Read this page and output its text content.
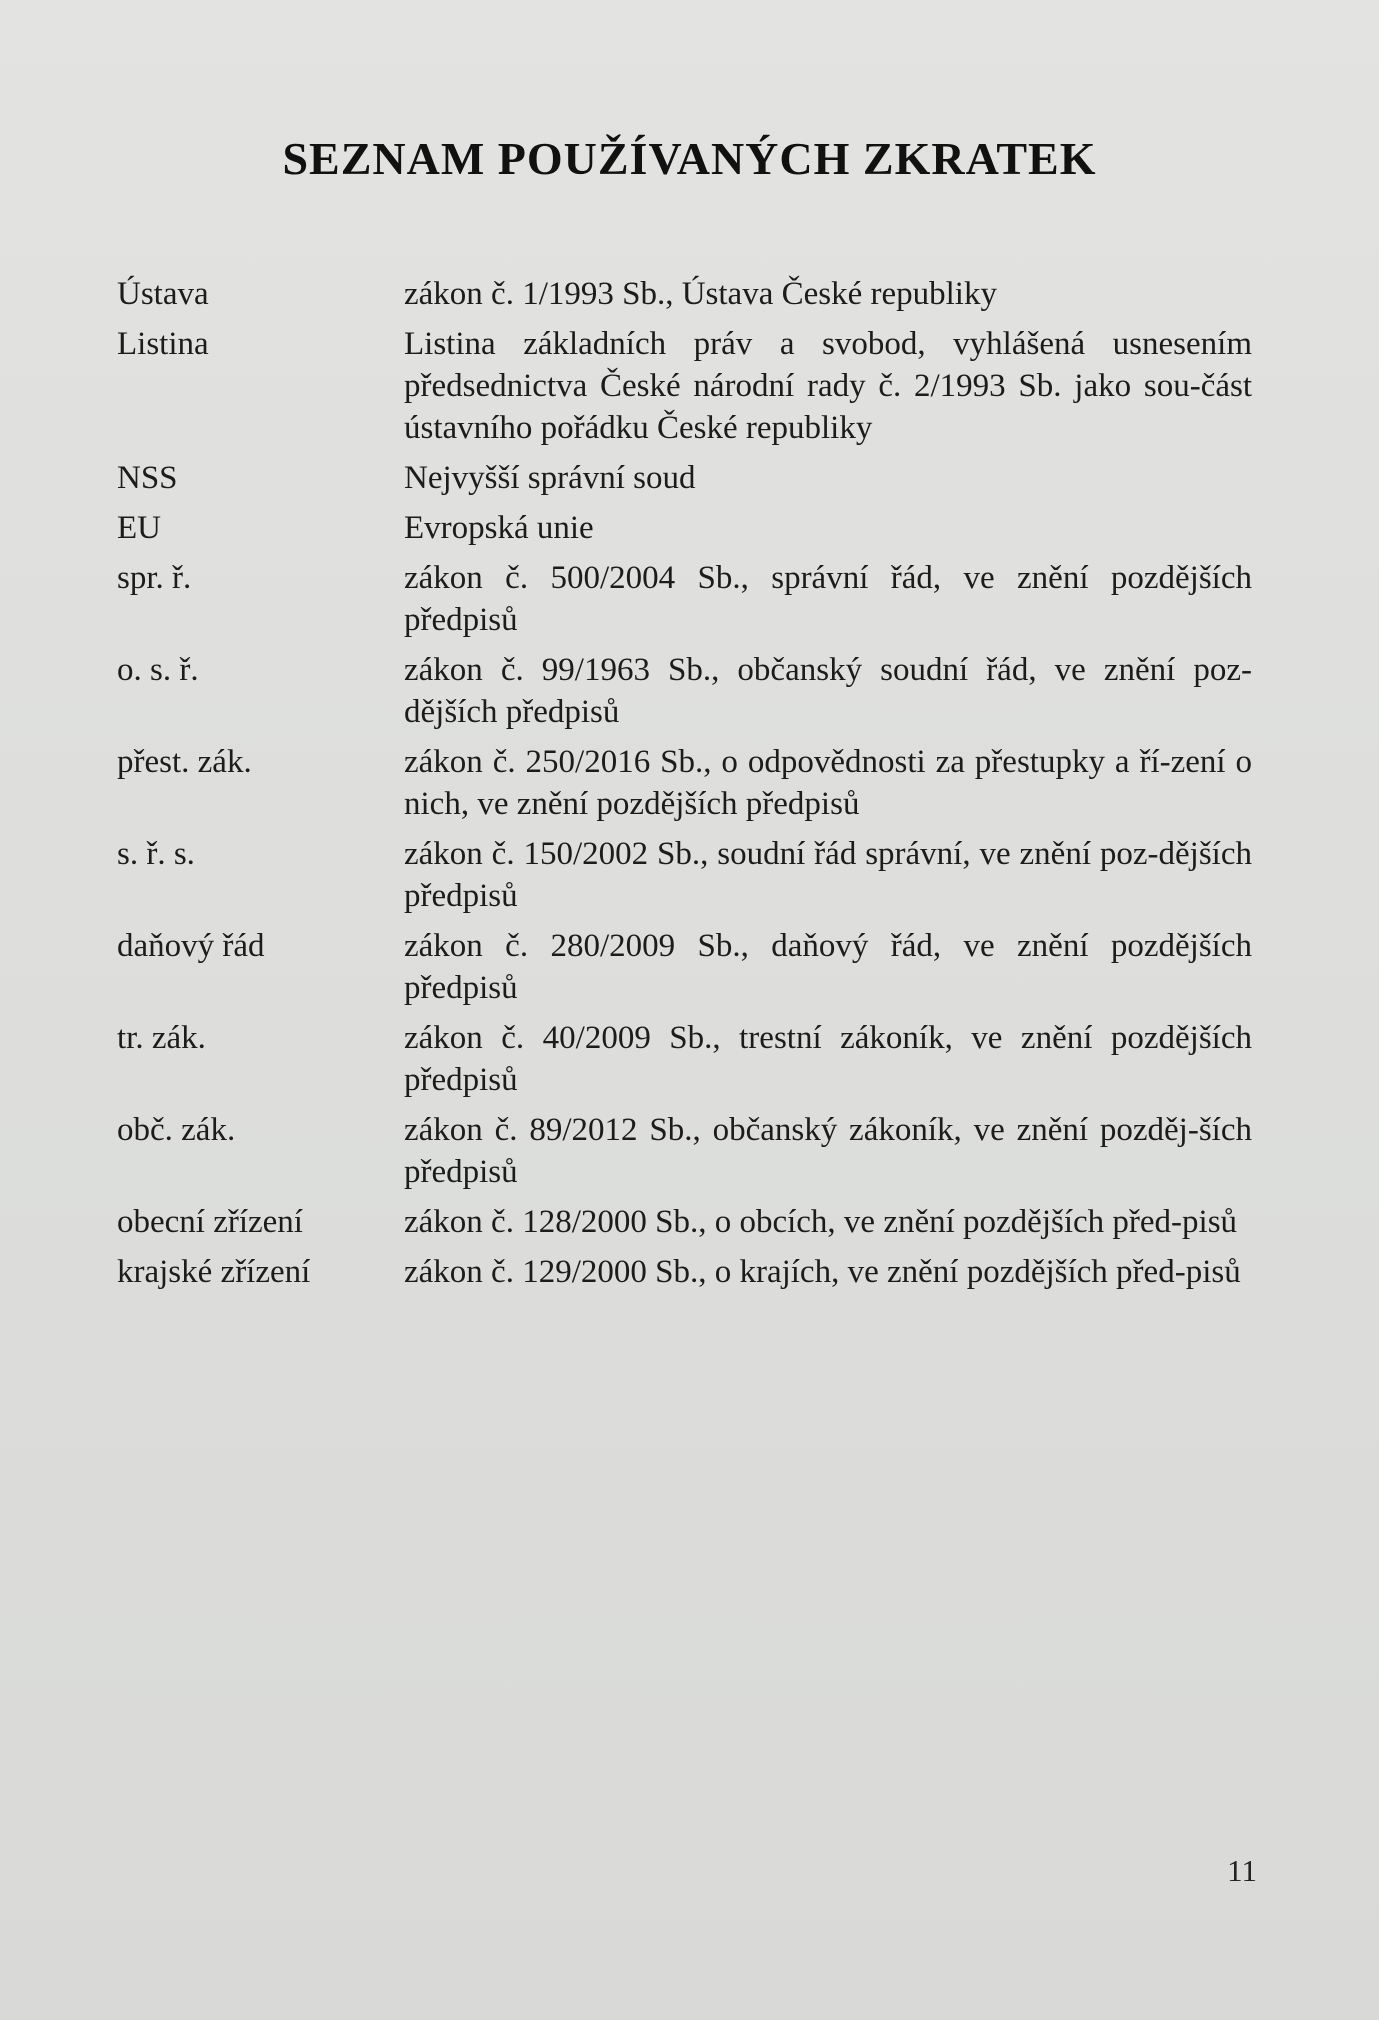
SEZNAM POUŽÍVANÝCH ZKRATEK
Ústava	zákon č. 1/1993 Sb., Ústava České republiky
Listina	Listina základních práv a svobod, vyhlášená usnesením předsednictva České národní rady č. 2/1993 Sb. jako sou-část ústavního pořádku České republiky
NSS	Nejvyšší správní soud
EU	Evropská unie
spr. ř.	zákon č. 500/2004 Sb., správní řád, ve znění pozdějších předpisů
o. s. ř.	zákon č. 99/1963 Sb., občanský soudní řád, ve znění poz-dějších předpisů
přest. zák.	zákon č. 250/2016 Sb., o odpovědnosti za přestupky a ří-zení o nich, ve znění pozdějších předpisů
s. ř. s.	zákon č. 150/2002 Sb., soudní řád správní, ve znění poz-dějších předpisů
daňový řád	zákon č. 280/2009 Sb., daňový řád, ve znění pozdějších předpisů
tr. zák.	zákon č. 40/2009 Sb., trestní zákoník, ve znění pozdějších předpisů
obč. zák.	zákon č. 89/2012 Sb., občanský zákoník, ve znění pozděj-ších předpisů
obecní zřízení	zákon č. 128/2000 Sb., o obcích, ve znění pozdějších před-pisů
krajské zřízení	zákon č. 129/2000 Sb., o krajích, ve znění pozdějších před-pisů
11
